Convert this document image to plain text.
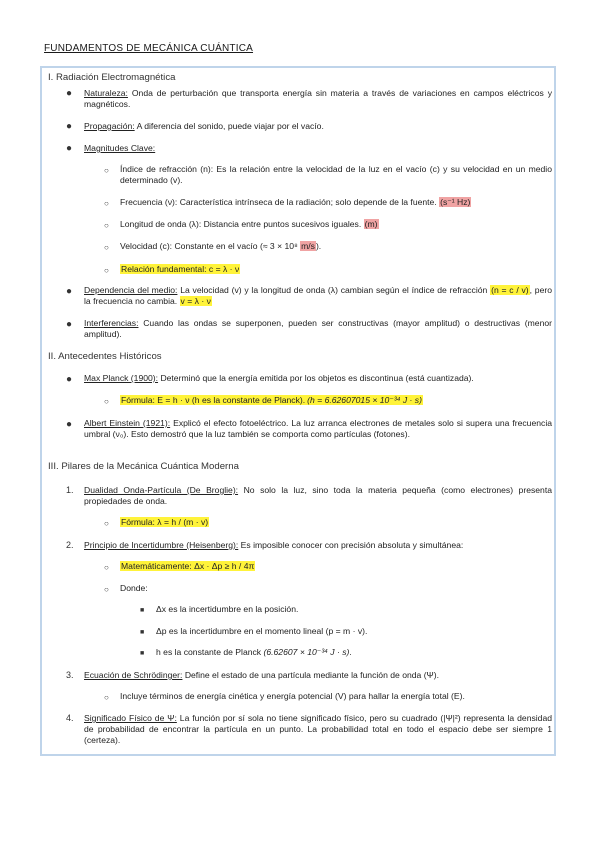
FUNDAMENTOS DE MECÁNICA CUÁNTICA
I. Radiación Electromagnética
● Naturaleza: Onda de perturbación que transporta energía sin materia a través de variaciones en campos eléctricos y magnéticos.
● Propagación: A diferencia del sonido, puede viajar por el vacío.
● Magnitudes Clave:
○ Índice de refracción (n): Es la relación entre la velocidad de la luz en el vacío (c) y su velocidad en un medio determinado (v).
○ Frecuencia (ν): Característica intrínseca de la radiación; solo depende de la fuente. (s⁻¹ Hz)
○ Longitud de onda (λ): Distancia entre puntos sucesivos iguales. (m)
○ Velocidad (c): Constante en el vacío (≈ 3 × 10⁸ m/s).
○ Relación fundamental: c = λ · ν
● Dependencia del medio: La velocidad (v) y la longitud de onda (λ) cambian según el índice de refracción (n = c / v), pero la frecuencia no cambia. v = λ · ν
● Interferencias: Cuando las ondas se superponen, pueden ser constructivas (mayor amplitud) o destructivas (menor amplitud).
II. Antecedentes Históricos
● Max Planck (1900): Determinó que la energía emitida por los objetos es discontinua (está cuantizada).
○ Fórmula: E = h · ν (h es la constante de Planck). (h = 6.62607015 × 10⁻³⁴ J · s)
● Albert Einstein (1921): Explicó el efecto fotoeléctrico. La luz arranca electrones de metales solo si supera una frecuencia umbral (ν₀). Esto demostró que la luz también se comporta como partículas (fotones).
III. Pilares de la Mecánica Cuántica Moderna
1. Dualidad Onda-Partícula (De Broglie): No solo la luz, sino toda la materia pequeña (como electrones) presenta propiedades de onda.
○ Fórmula: λ = h / (m · v)
2. Principio de Incertidumbre (Heisenberg): Es imposible conocer con precisión absoluta y simultánea:
○ Matemáticamente: Δx · Δp ≥ h / 4π
○ Donde:
■ Δx es la incertidumbre en la posición.
■ Δp es la incertidumbre en el momento lineal (p = m · v).
■ h es la constante de Planck (6.62607 × 10⁻³⁴ J · s).
3. Ecuación de Schrödinger: Define el estado de una partícula mediante la función de onda (Ψ).
○ Incluye términos de energía cinética y energía potencial (V) para hallar la energía total (E).
4. Significado Físico de Ψ: La función por sí sola no tiene significado físico, pero su cuadrado (|Ψ|²) representa la densidad de probabilidad de encontrar la partícula en un punto. La probabilidad total en todo el espacio debe ser siempre 1 (certeza).
